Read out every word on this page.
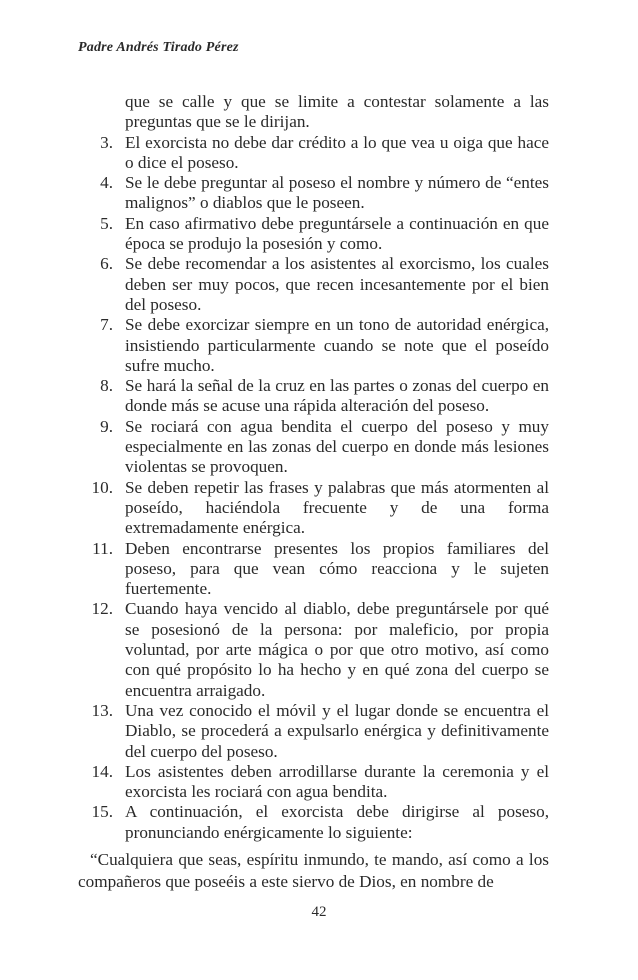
Padre Andrés Tirado Pérez
que se calle y que se limite a contestar solamente a las preguntas que se le dirijan.
3. El exorcista no debe dar crédito a lo que vea u oiga que hace o dice el poseso.
4. Se le debe preguntar al poseso el nombre y número de “entes malignos” o diablos que le poseen.
5. En caso afirmativo debe preguntársele a continuación en que época se produjo la posesión y como.
6. Se debe recomendar a los asistentes al exorcismo, los cuales deben ser muy pocos, que recen incesantemente por el bien del poseso.
7. Se debe exorcizar siempre en un tono de autoridad enérgica, insistiendo particularmente cuando se note que el poseído sufre mucho.
8. Se hará la señal de la cruz en las partes o zonas del cuerpo en donde más se acuse una rápida alteración del poseso.
9. Se rociará con agua bendita el cuerpo del poseso y muy especialmente en las zonas del cuerpo en donde más lesiones violentas se provoquen.
10. Se deben repetir las frases y palabras que más atormenten al poseído, haciéndola frecuente y de una forma extremadamente enérgica.
11. Deben encontrarse presentes los propios familiares del poseso, para que vean cómo reacciona y le sujeten fuertemente.
12. Cuando haya vencido al diablo, debe preguntársele por qué se posesionó de la persona: por maleficio, por propia voluntad, por arte mágica o por que otro motivo, así como con qué propósito lo ha hecho y en qué zona del cuerpo se encuentra arraigado.
13. Una vez conocido el móvil y el lugar donde se encuentra el Diablo, se procederá a expulsarlo enérgica y definitivamente del cuerpo del poseso.
14. Los asistentes deben arrodillarse durante la ceremonia y el exorcista les rociará con agua bendita.
15. A continuación, el exorcista debe dirigirse al poseso, pronunciando enérgicamente lo siguiente:

“Cualquiera que seas, espíritu inmundo, te mando, así como a los compañeros que poseéis a este siervo de Dios, en nombre de

42
